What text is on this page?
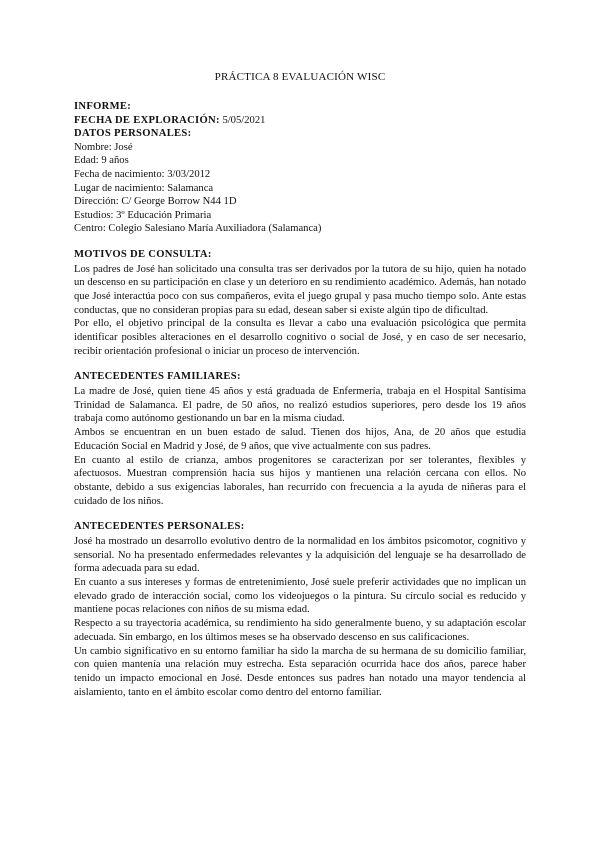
PRÁCTICA 8 EVALUACIÓN WISC
INFORME:
FECHA DE EXPLORACIÓN: 5/05/2021
DATOS PERSONALES:
Nombre: José
Edad: 9 años
Fecha de nacimiento: 3/03/2012
Lugar de nacimiento: Salamanca
Dirección: C/ George Borrow N44 1D
Estudios: 3º Educación Primaria
Centro: Colegio Salesiano María Auxiliadora (Salamanca)
MOTIVOS DE CONSULTA:

Los padres de José han solicitado una consulta tras ser derivados por la tutora de su hijo, quien ha notado un descenso en su participación en clase y un deterioro en su rendimiento académico. Además, han notado que José interactúa poco con sus compañeros, evita el juego grupal y pasa mucho tiempo solo. Ante estas conductas, que no consideran propias para su edad, desean saber si existe algún tipo de dificultad.

Por ello, el objetivo principal de la consulta es llevar a cabo una evaluación psicológica que permita identificar posibles alteraciones en el desarrollo cognitivo o social de José, y en caso de ser necesario, recibir orientación profesional o iniciar un proceso de intervención.

ANTECEDENTES FAMILIARES:

La madre de José, quien tiene 45 años y está graduada de Enfermería, trabaja en el Hospital Santísima Trinidad de Salamanca. El padre, de 50 años, no realizó estudios superiores, pero desde los 19 años trabaja como autónomo gestionando un bar en la misma ciudad.

Ambos se encuentran en un buen estado de salud. Tienen dos hijos, Ana, de 20 años que estudia Educación Social en Madrid y José, de 9 años, que vive actualmente con sus padres.

En cuanto al estilo de crianza, ambos progenitores se caracterizan por ser tolerantes, flexibles y afectuosos. Muestran comprensión hacia sus hijos y mantienen una relación cercana con ellos. No obstante, debido a sus exigencias laborales, han recurrido con frecuencia a la ayuda de niñeras para el cuidado de los niños.

ANTECEDENTES PERSONALES:

José ha mostrado un desarrollo evolutivo dentro de la normalidad en los ámbitos psicomotor, cognitivo y sensorial. No ha presentado enfermedades relevantes y la adquisición del lenguaje se ha desarrollado de forma adecuada para su edad.

En cuanto a sus intereses y formas de entretenimiento, José suele preferir actividades que no implican un elevado grado de interacción social, como los videojuegos o la pintura. Su círculo social es reducido y mantiene pocas relaciones con niños de su misma edad.

Respecto a su trayectoria académica, su rendimiento ha sido generalmente bueno, y su adaptación escolar adecuada. Sin embargo, en los últimos meses se ha observado descenso en sus calificaciones.

Un cambio significativo en su entorno familiar ha sido la marcha de su hermana de su domicilio familiar, con quien mantenía una relación muy estrecha. Esta separación ocurrida hace dos años, parece haber tenido un impacto emocional en José. Desde entonces sus padres han notado una mayor tendencia al aislamiento, tanto en el ámbito escolar como dentro del entorno familiar.
